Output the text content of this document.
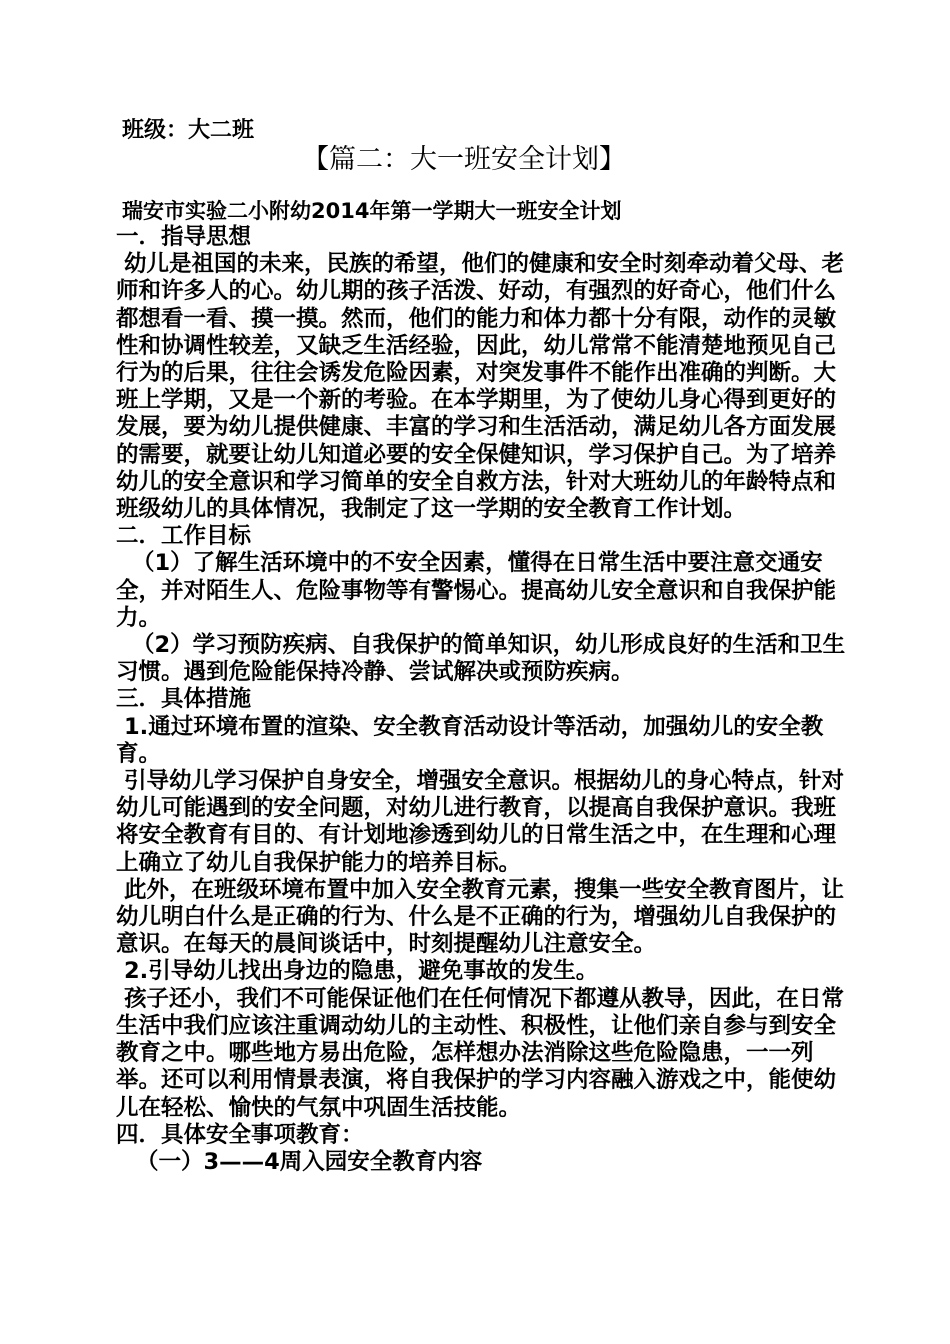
班级：大二班
【篇二：大一班安全计划】
瑞安市实验二小附幼2014年第一学期大一班安全计划

一．指导思想

幼儿是祖国的未来，民族的希望，他们的健康和安全时刻牵动着父母、老师和许多人的心。幼儿期的孩子活泼、好动，有强烈的好奇心，他们什么都想看一看、摸一摸。然而，他们的能力和体力都十分有限，动作的灵敏性和协调性较差，又缺乏生活经验，因此，幼儿常常不能清楚地预见自己行为的后果，往往会诱发危险因素，对突发事件不能作出准确的判断。大班上学期，又是一个新的考验。在本学期里，为了使幼儿身心得到更好的发展，要为幼儿提供健康、丰富的学习和生活活动，满足幼儿各方面发展的需要，就要让幼儿知道必要的安全保健知识，学习保护自己。为了培养幼儿的安全意识和学习简单的安全自救方法，针对大班幼儿的年龄特点和班级幼儿的具体情况，我制定了这一学期的安全教育工作计划。

二．工作目标

（1）了解生活环境中的不安全因素，懂得在日常生活中要注意交通安全，并对陌生人、危险事物等有警惕心。提高幼儿安全意识和自我保护能力。

（2）学习预防疾病、自我保护的简单知识，幼儿形成良好的生活和卫生习惯。遇到危险能保持冷静、尝试解决或预防疾病。

三．具体措施

1.通过环境布置的渲染、安全教育活动设计等活动，加强幼儿的安全教育。

引导幼儿学习保护自身安全，增强安全意识。根据幼儿的身心特点，针对幼儿可能遇到的安全问题，对幼儿进行教育，以提高自我保护意识。我班将安全教育有目的、有计划地渗透到幼儿的日常生活之中，在生理和心理上确立了幼儿自我保护能力的培养目标。

此外，在班级环境布置中加入安全教育元素，搜集一些安全教育图片，让幼儿明白什么是正确的行为、什么是不正确的行为，增强幼儿自我保护的意识。在每天的晨间谈话中，时刻提醒幼儿注意安全。

2.引导幼儿找出身边的隐患，避免事故的发生。

孩子还小，我们不可能保证他们在任何情况下都遵从教导，因此，在日常生活中我们应该注重调动幼儿的主动性、积极性，让他们亲自参与到安全教育之中。哪些地方易出危险，怎样想办法消除这些危险隐患，一一列举。还可以利用情景表演，将自我保护的学习内容融入游戏之中，能使幼儿在轻松、愉快的气氛中巩固生活技能。

四．具体安全事项教育：

（一）3——4周入园安全教育内容
